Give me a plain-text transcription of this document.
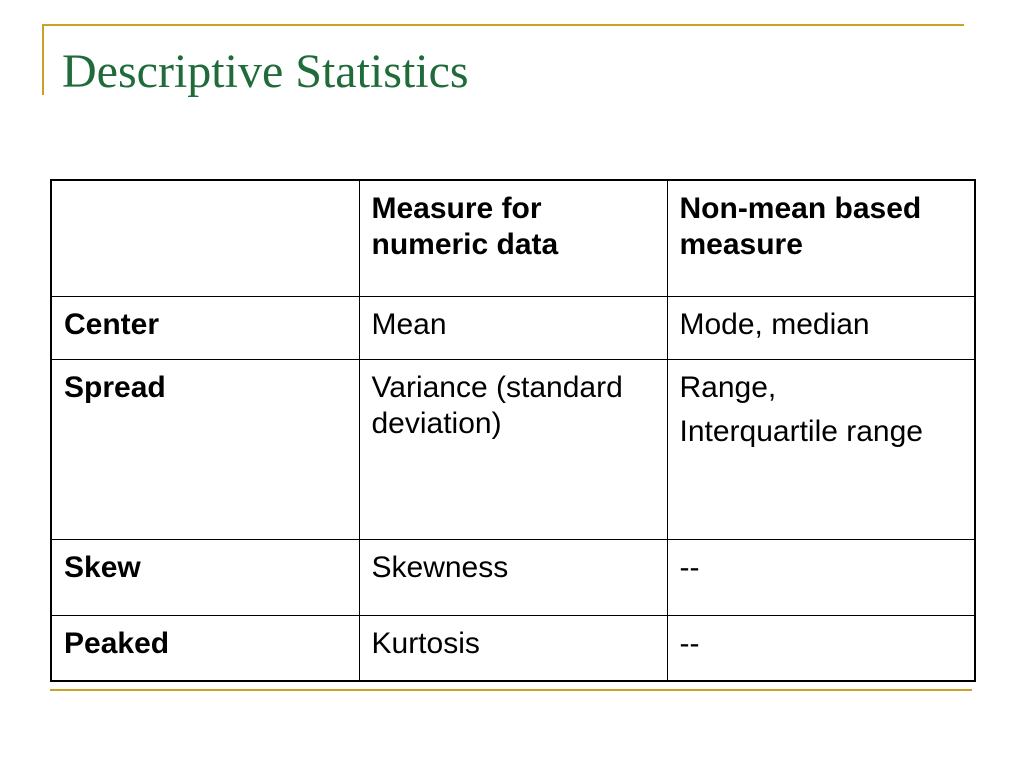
Descriptive Statistics
	Measure for numeric data	Non-mean based measure
Center	Mean	Mode, median

Spread	Variance (standard deviation)	Range,
Interquartile range

Skew	Skewness	--

Peaked	Kurtosis	--
